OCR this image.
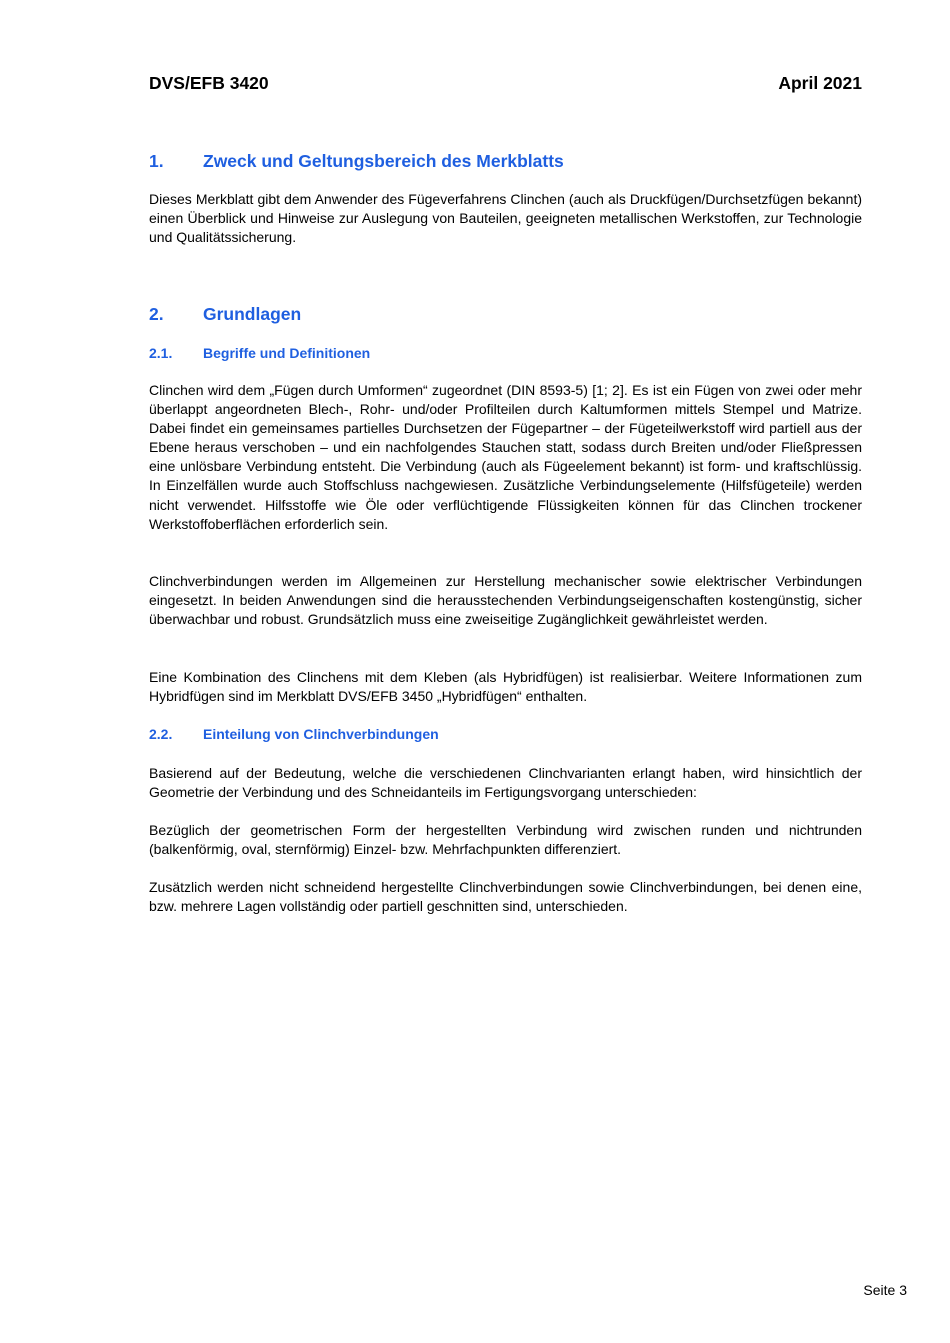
DVS/EFB 3420	April 2021
1. Zweck und Geltungsbereich des Merkblatts

Dieses Merkblatt gibt dem Anwender des Fügeverfahrens Clinchen (auch als Druckfügen/Durchsetzfügen bekannt) einen Überblick und Hinweise zur Auslegung von Bauteilen, geeigneten metallischen Werkstoffen, zur Technologie und Qualitätssicherung.

2. Grundlagen
2.1. Begriffe und Definitionen

Clinchen wird dem „Fügen durch Umformen“ zugeordnet (DIN 8593-5) [1; 2]. Es ist ein Fügen von zwei oder mehr überlappt angeordneten Blech-, Rohr- und/oder Profilteilen durch Kaltumformen mittels Stempel und Matrize. Dabei findet ein gemeinsames partielles Durchsetzen der Fügepartner – der Fügeteilwerkstoff wird partiell aus der Ebene heraus verschoben – und ein nachfolgendes Stauchen statt, sodass durch Breiten und/oder Fließpressen eine unlösbare Verbindung entsteht. Die Verbindung (auch als Fügeelement bekannt) ist form- und kraftschlüssig. In Einzelfällen wurde auch Stoffschluss nachgewiesen. Zusätzliche Verbindungselemente (Hilfsfügeteile) werden nicht verwendet. Hilfsstoffe wie Öle oder verflüchtigende Flüssigkeiten können für das Clinchen trockener Werkstoffoberflächen erforderlich sein.

Clinchverbindungen werden im Allgemeinen zur Herstellung mechanischer sowie elektrischer Verbindungen eingesetzt. In beiden Anwendungen sind die herausstechenden Verbindungseigenschaften kostengünstig, sicher überwachbar und robust. Grundsätzlich muss eine zweiseitige Zugänglichkeit gewährleistet werden.

Eine Kombination des Clinchens mit dem Kleben (als Hybridfügen) ist realisierbar. Weitere Informationen zum Hybridfügen sind im Merkblatt DVS/EFB 3450 „Hybridfügen“ enthalten.

2.2. Einteilung von Clinchverbindungen

Basierend auf der Bedeutung, welche die verschiedenen Clinchvarianten erlangt haben, wird hinsichtlich der Geometrie der Verbindung und des Schneidanteils im Fertigungsvorgang unterschieden:

Bezüglich der geometrischen Form der hergestellten Verbindung wird zwischen runden und nichtrunden (balkenförmig, oval, sternförmig) Einzel- bzw. Mehrfachpunkten differenziert.

Zusätzlich werden nicht schneidend hergestellte Clinchverbindungen sowie Clinchverbindungen, bei denen eine, bzw. mehrere Lagen vollständig oder partiell geschnitten sind, unterschieden.

Seite 3
